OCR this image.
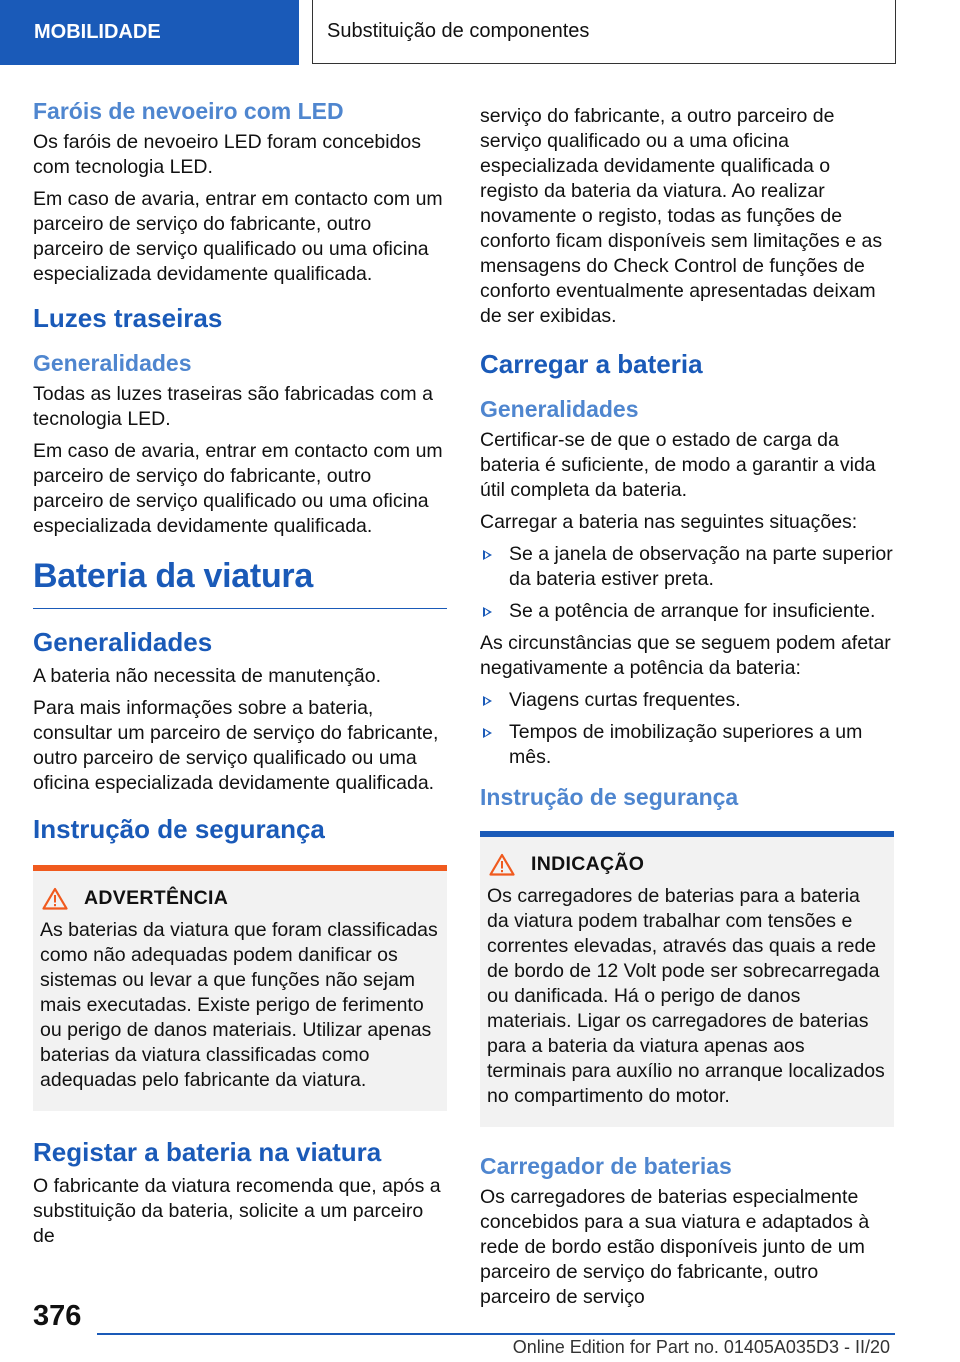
MOBILIDADE	Substituição de componentes
Faróis de nevoeiro com LED

Os faróis de nevoeiro LED foram concebidos com tecnologia LED.

Em caso de avaria, entrar em contacto com um parceiro de serviço do fabricante, outro parceiro de serviço qualificado ou uma oficina especializada devidamente qualificada.

Luzes traseiras
Generalidades

Todas as luzes traseiras são fabricadas com a tecnologia LED.

Em caso de avaria, entrar em contacto com um parceiro de serviço do fabricante, outro parceiro de serviço qualificado ou uma oficina especializada devidamente qualificada.

Bateria da viatura
Generalidades

A bateria não necessita de manutenção.

Para mais informações sobre a bateria, consultar um parceiro de serviço do fabricante, outro parceiro de serviço qualificado ou uma oficina especializada devidamente qualificada.

Instrução de segurança
ADVERTÊNCIA

As baterias da viatura que foram classificadas como não adequadas podem danificar os sistemas ou levar a que funções não sejam mais executadas. Existe perigo de ferimento ou perigo de danos materiais. Utilizar apenas baterias da viatura classificadas como adequadas pelo fabricante da viatura.

Registar a bateria na viatura

O fabricante da viatura recomenda que, após a substituição da bateria, solicite a um parceiro de

serviço do fabricante, a outro parceiro de serviço qualificado ou a uma oficina especializada devidamente qualificada o registo da bateria da viatura. Ao realizar novamente o registo, todas as funções de conforto ficam disponíveis sem limitações e as mensagens do Check Control de funções de conforto eventualmente apresentadas deixam de ser exibidas.

Carregar a bateria
Generalidades

Certificar-se de que o estado de carga da bateria é suficiente, de modo a garantir a vida útil completa da bateria.

Carregar a bateria nas seguintes situações:

Se a janela de observação na parte superior da bateria estiver preta.
Se a potência de arranque for insuficiente.

As circunstâncias que se seguem podem afetar negativamente a potência da bateria:

Viagens curtas frequentes.
Tempos de imobilização superiores a um mês.
Instrução de segurança
INDICAÇÃO

Os carregadores de baterias para a bateria da viatura podem trabalhar com tensões e correntes elevadas, através das quais a rede de bordo de 12 Volt pode ser sobrecarregada ou danificada. Há o perigo de danos materiais. Ligar os carregadores de baterias para a bateria da viatura apenas aos terminais para auxílio no arranque localizados no compartimento do motor.

Carregador de baterias

Os carregadores de baterias especialmente concebidos para a sua viatura e adaptados à rede de bordo estão disponíveis junto de um parceiro de serviço do fabricante, outro parceiro de serviço

376
Online Edition for Part no. 01405A035D3 - II/20
